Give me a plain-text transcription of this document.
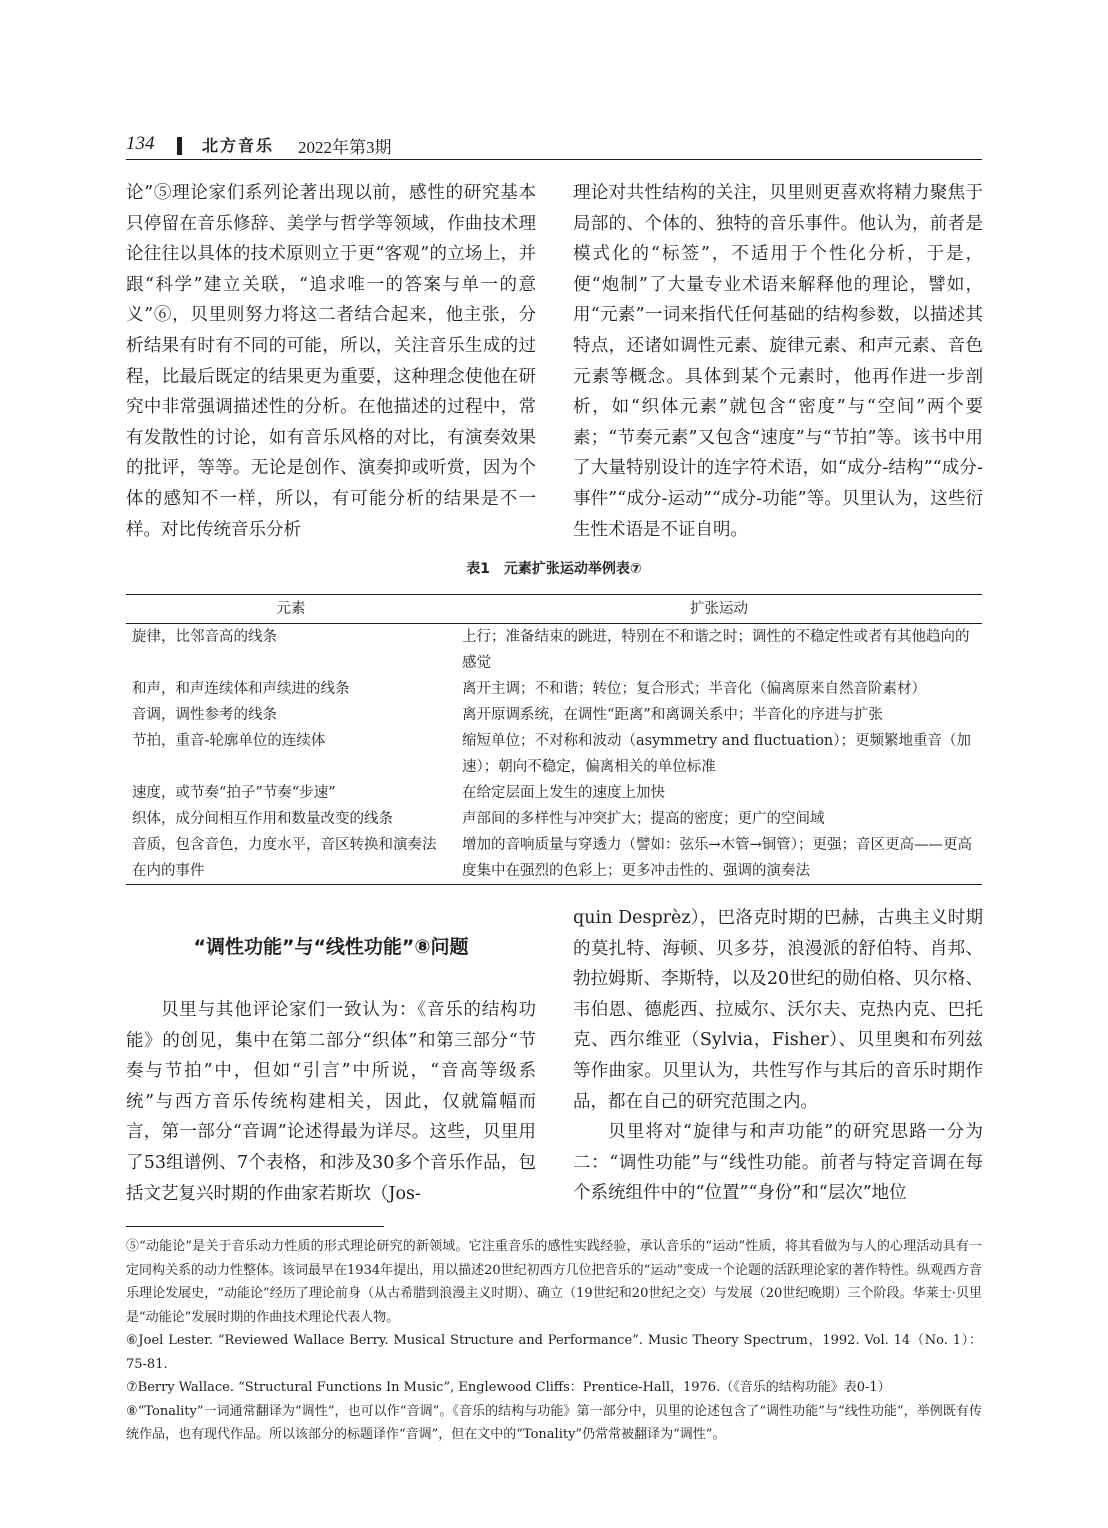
134	北方音乐 2022年第3期

论”⑤理论家们系列论著出现以前，感性的研究基本只停留在音乐修辞、美学与哲学等领域，作曲技术理论往往以具体的技术原则立于更“客观”的立场上，并跟“科学”建立关联，“追求唯一的答案与单一的意义”⑥，贝里则努力将这二者结合起来，他主张，分析结果有时有不同的可能，所以，关注音乐生成的过程，比最后既定的结果更为重要，这种理念使他在研究中非常强调描述性的分析。在他描述的过程中，常有发散性的讨论，如有音乐风格的对比，有演奏效果的批评，等等。无论是创作、演奏抑或听赏，因为个体的感知不一样，所以，有可能分析的结果是不一样。对比传统音乐分析

理论对共性结构的关注，贝里则更喜欢将精力聚焦于局部的、个体的、独特的音乐事件。他认为，前者是模式化的“标签”，不适用于个性化分析，于是，便“炮制”了大量专业术语来解释他的理论，譬如，用“元素”一词来指代任何基础的结构参数，以描述其特点，还诸如调性元素、旋律元素、和声元素、音色元素等概念。具体到某个元素时，他再作进一步剖析，如“织体元素”就包含“密度”与“空间”两个要素；“节奏元素”又包含“速度”与“节拍”等。该书中用了大量特别设计的连字符术语，如“成分-结构”“成分-事件”“成分-运动”“成分-功能”等。贝里认为，这些衍生性术语是不证自明。

表1　元素扩张运动举例表⑦
元素	扩张运动
旋律，比邻音高的线条	上行；准备结束的跳进，特别在不和谐之时；调性的不稳定性或者有其他趋向的感觉
和声，和声连续体和声续进的线条	离开主调；不和谐；转位；复合形式；半音化（偏离原来自然音阶素材）
音调，调性参考的线条	离开原调系统，在调性“距离”和离调关系中；半音化的序进与扩张
节拍，重音-轮廓单位的连续体	缩短单位；不对称和波动（asymmetry and fluctuation）；更频繁地重音（加速）；朝向不稳定，偏离相关的单位标准
速度，或节奏“拍子”节奏“步速”	在给定层面上发生的速度上加快
织体，成分间相互作用和数量改变的线条	声部间的多样性与冲突扩大；提高的密度；更广的空间域
音质，包含音色，力度水平，音区转换和演奏法在内的事件	增加的音响质量与穿透力（譬如：弦乐→木管→铜管）；更强；音区更高——更高度集中在强烈的色彩上；更多冲击性的、强调的演奏法
“调性功能”与“线性功能”⑧问题

贝里与其他评论家们一致认为：《音乐的结构功能》的创见，集中在第二部分“织体”和第三部分“节奏与节拍”中，但如“引言”中所说，“音高等级系统”与西方音乐传统构建相关，因此，仅就篇幅而言，第一部分“音调”论述得最为详尽。这些，贝里用了53组谱例、7个表格，和涉及30多个音乐作品，包括文艺复兴时期的作曲家若斯坎（Jos-

quin Desprèz），巴洛克时期的巴赫，古典主义时期的莫扎特、海顿、贝多芬，浪漫派的舒伯特、肖邦、勃拉姆斯、李斯特，以及20世纪的勋伯格、贝尔格、韦伯恩、德彪西、拉威尔、沃尔夫、克热内克、巴托克、西尔维亚（Sylvia，Fisher）、贝里奥和布列兹等作曲家。贝里认为，共性写作与其后的音乐时期作品，都在自己的研究范围之内。

贝里将对“旋律与和声功能”的研究思路一分为二：“调性功能”与“线性功能。前者与特定音调在每个系统组件中的“位置”“身份”和“层次”地位

⑤“动能论”是关于音乐动力性质的形式理论研究的新领域。它注重音乐的感性实践经验，承认音乐的“运动”性质，将其看做为与人的心理活动具有一定同构关系的动力性整体。该词最早在1934年提出，用以描述20世纪初西方几位把音乐的“运动”变成一个论题的活跃理论家的著作特性。纵观西方音乐理论发展史，“动能论”经历了理论前身（从古希腊到浪漫主义时期）、确立（19世纪和20世纪之交）与发展（20世纪晚期）三个阶段。华莱士·贝里是“动能论”发展时期的作曲技术理论代表人物。

⑥Joel Lester. “Reviewed Wallace Berry. Musical Structure and Performance”. Music Theory Spectrum，1992. Vol. 14（No. 1）：75-81.

⑦Berry Wallace. “Structural Functions In Music”, Englewood Cliffs：Prentice-Hall，1976.（《音乐的结构功能》表0-1）

⑧“Tonality”一词通常翻译为“调性”，也可以作“音调”。《音乐的结构与功能》第一部分中，贝里的论述包含了“调性功能”与“线性功能”，举例既有传统作品，也有现代作品。所以该部分的标题译作“音调”，但在文中的“Tonality”仍常常被翻译为“调性”。
